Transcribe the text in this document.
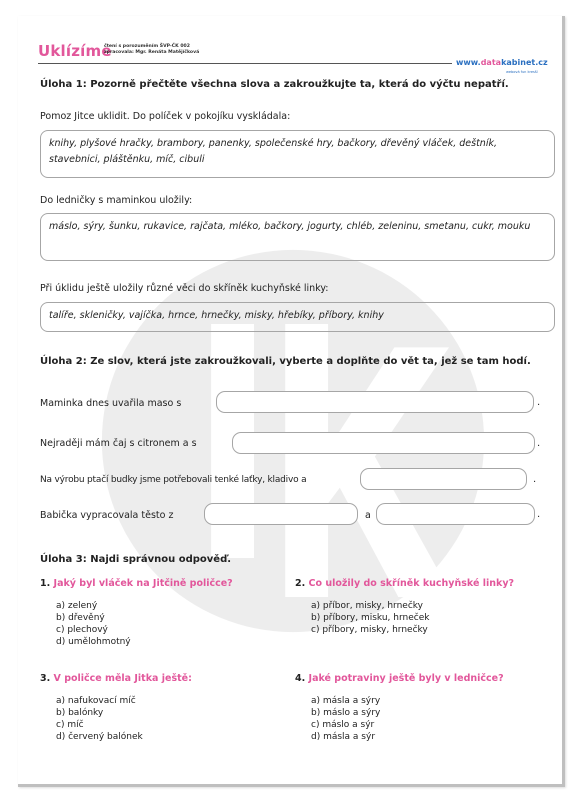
Uklízíme
čtení s porozuměním ŠVP-ČK 002
zpracovala: Mgr. Renáta Matějíčková
www.datakabinet.cz
webová fun kresší
Úloha 1: Pozorně přečtěte všechna slova a zakroužkujte ta, která do výčtu nepatří.
Pomoz Jitce uklidit. Do políček v pokojíku vyskládala:
knihy, plyšové hračky, brambory, panenky, společenské hry, bačkory, dřevěný vláček, deštník, stavebnici, pláštěnku, míč, cibuli
Do ledničky s maminkou uložily:
máslo, sýry, šunku, rukavice, rajčata, mléko, bačkory, jogurty, chléb, zeleninu, smetanu, cukr, mouku
Při úklidu ještě uložily různé věci do skříněk kuchyňské linky:
talíře, skleničky, vajíčka, hrnce, hrnečky, misky, hřebíky, příbory, knihy
Úloha 2: Ze slov, která jste zakroužkovali, vyberte a doplňte do vět ta, jež se tam hodí.
Maminka dnes uvařila maso s	.
Nejraději mám čaj s citronem a s	.
Na výrobu ptačí budky jsme potřebovali tenké laťky, kladivo a	.
Babička vypracovala těsto z	a	.
Úloha 3: Najdi správnou odpověď.
1. Jaký byl vláček na Jitčině poličce?
a) zelený
b) dřevěný
c) plechový
d) umělohmotný
2. Co uložily do skříněk kuchyňské linky?
a) příbor, misky, hrnečky
b) příbory, misku, hrneček
c) příbory, misky, hrnečky
3. V poličce měla Jitka ještě:
a) nafukovací míč
b) balónky
c) míč
d) červený balónek
4. Jaké potraviny ještě byly v ledničce?
a) másla a sýry
b) máslo a sýry
c) máslo a sýr
d) másla a sýr
